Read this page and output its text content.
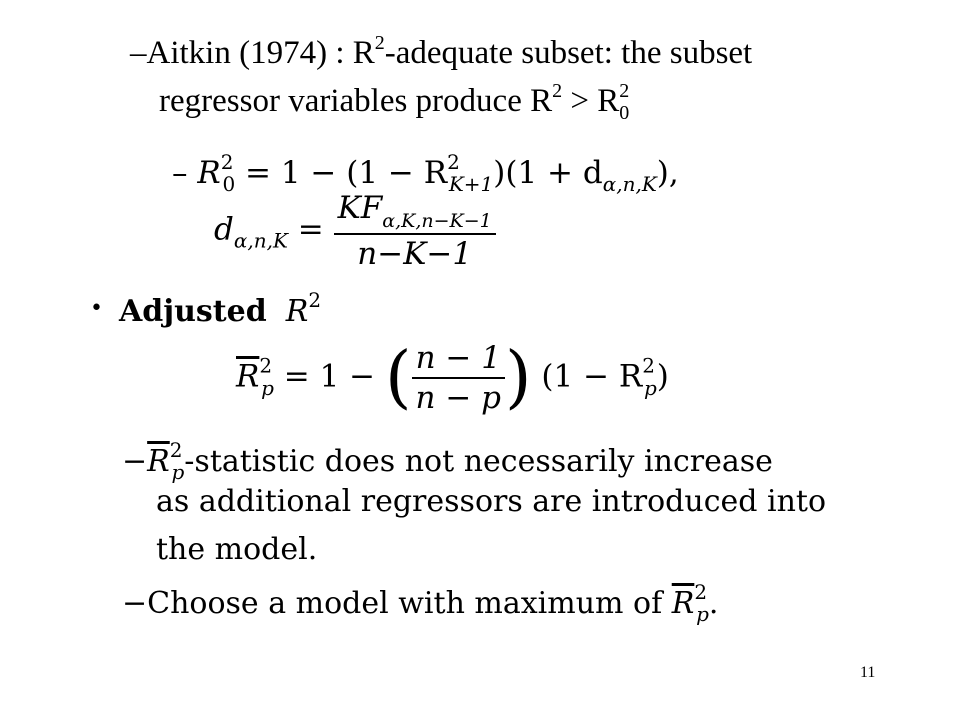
–Aitkin (1974) : $R^2$-adequate subset: the subset
regressor variables produce $R^2 > R^2_0$
– $R^2_0 = 1 - (1 - R^2_{K+1})(1 + d_{\alpha,n,K})$,
$d_{\alpha,n,K} = \frac{KF_{\alpha,K,n-K-1}}{n-K-1}$
• Adjusted $R^2$
$\overline{R}^2_p = 1$ − ( $\frac{n - 1}{n - p}$ ) $(1 - R^2_p)$
$-\overline{R}^2_p$-statistic does not necessarily increase
as additional regressors are introduced into
the model.
−Choose a model with maximum of $\overline{R}^2_p$.
11
